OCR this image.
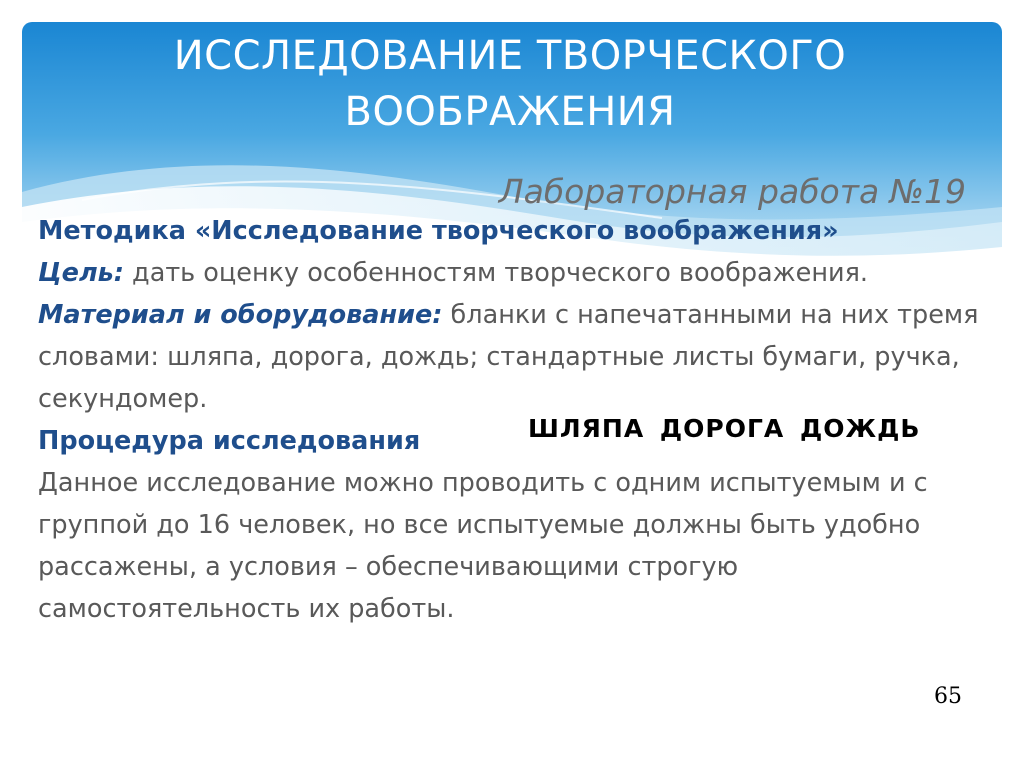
ИССЛЕДОВАНИЕ ТВОРЧЕСКОГО
ВООБРАЖЕНИЯ
Лабораторная работа №19

Методика «Исследование творческого воображения»

Цель: дать оценку особенностям творческого воображения.

Материал и оборудование: бланки с напечатанными на них тремя словами: шляпа, дорога, дождь; стандартные листы бумаги, ручка, секундомер.

Процедура исследования

Данное исследование можно проводить с одним испытуемым и с группой до 16 человек, но все испытуемые должны быть удобно рассажены, а условия – обеспечивающими строгую самостоятельность их работы.

ШЛЯПА ДОРОГА ДОЖДЬ
65
